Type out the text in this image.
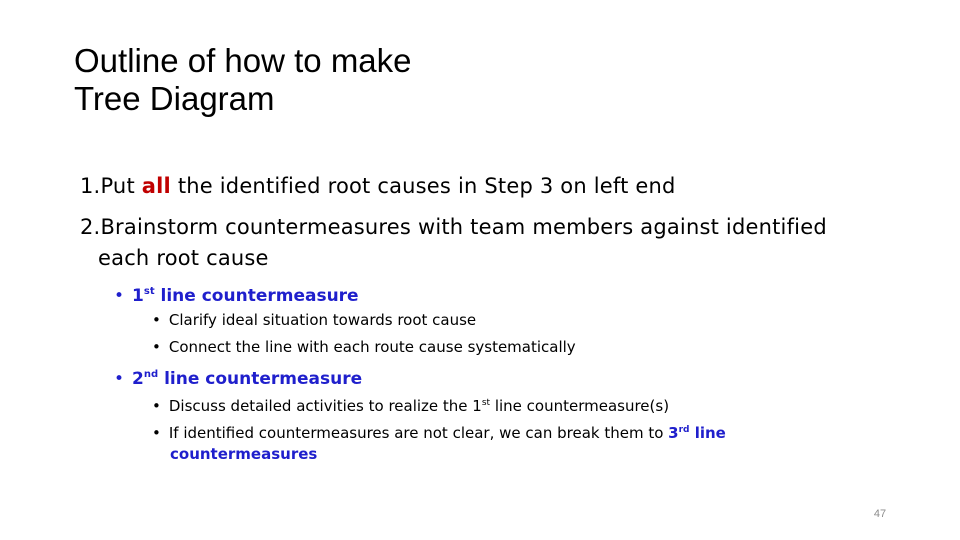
Outline of how to make
Tree Diagram
1.Put all the identified root causes in Step 3 on left end
2.Brainstorm countermeasures with team members against identified
each root cause
• 1st line countermeasure
• Clarify ideal situation towards root cause
• Connect the line with each route cause systematically
• 2nd line countermeasure
• Discuss detailed activities to realize the 1st line countermeasure(s)
• If identified countermeasures are not clear, we can break them to 3rd line
countermeasures
47
